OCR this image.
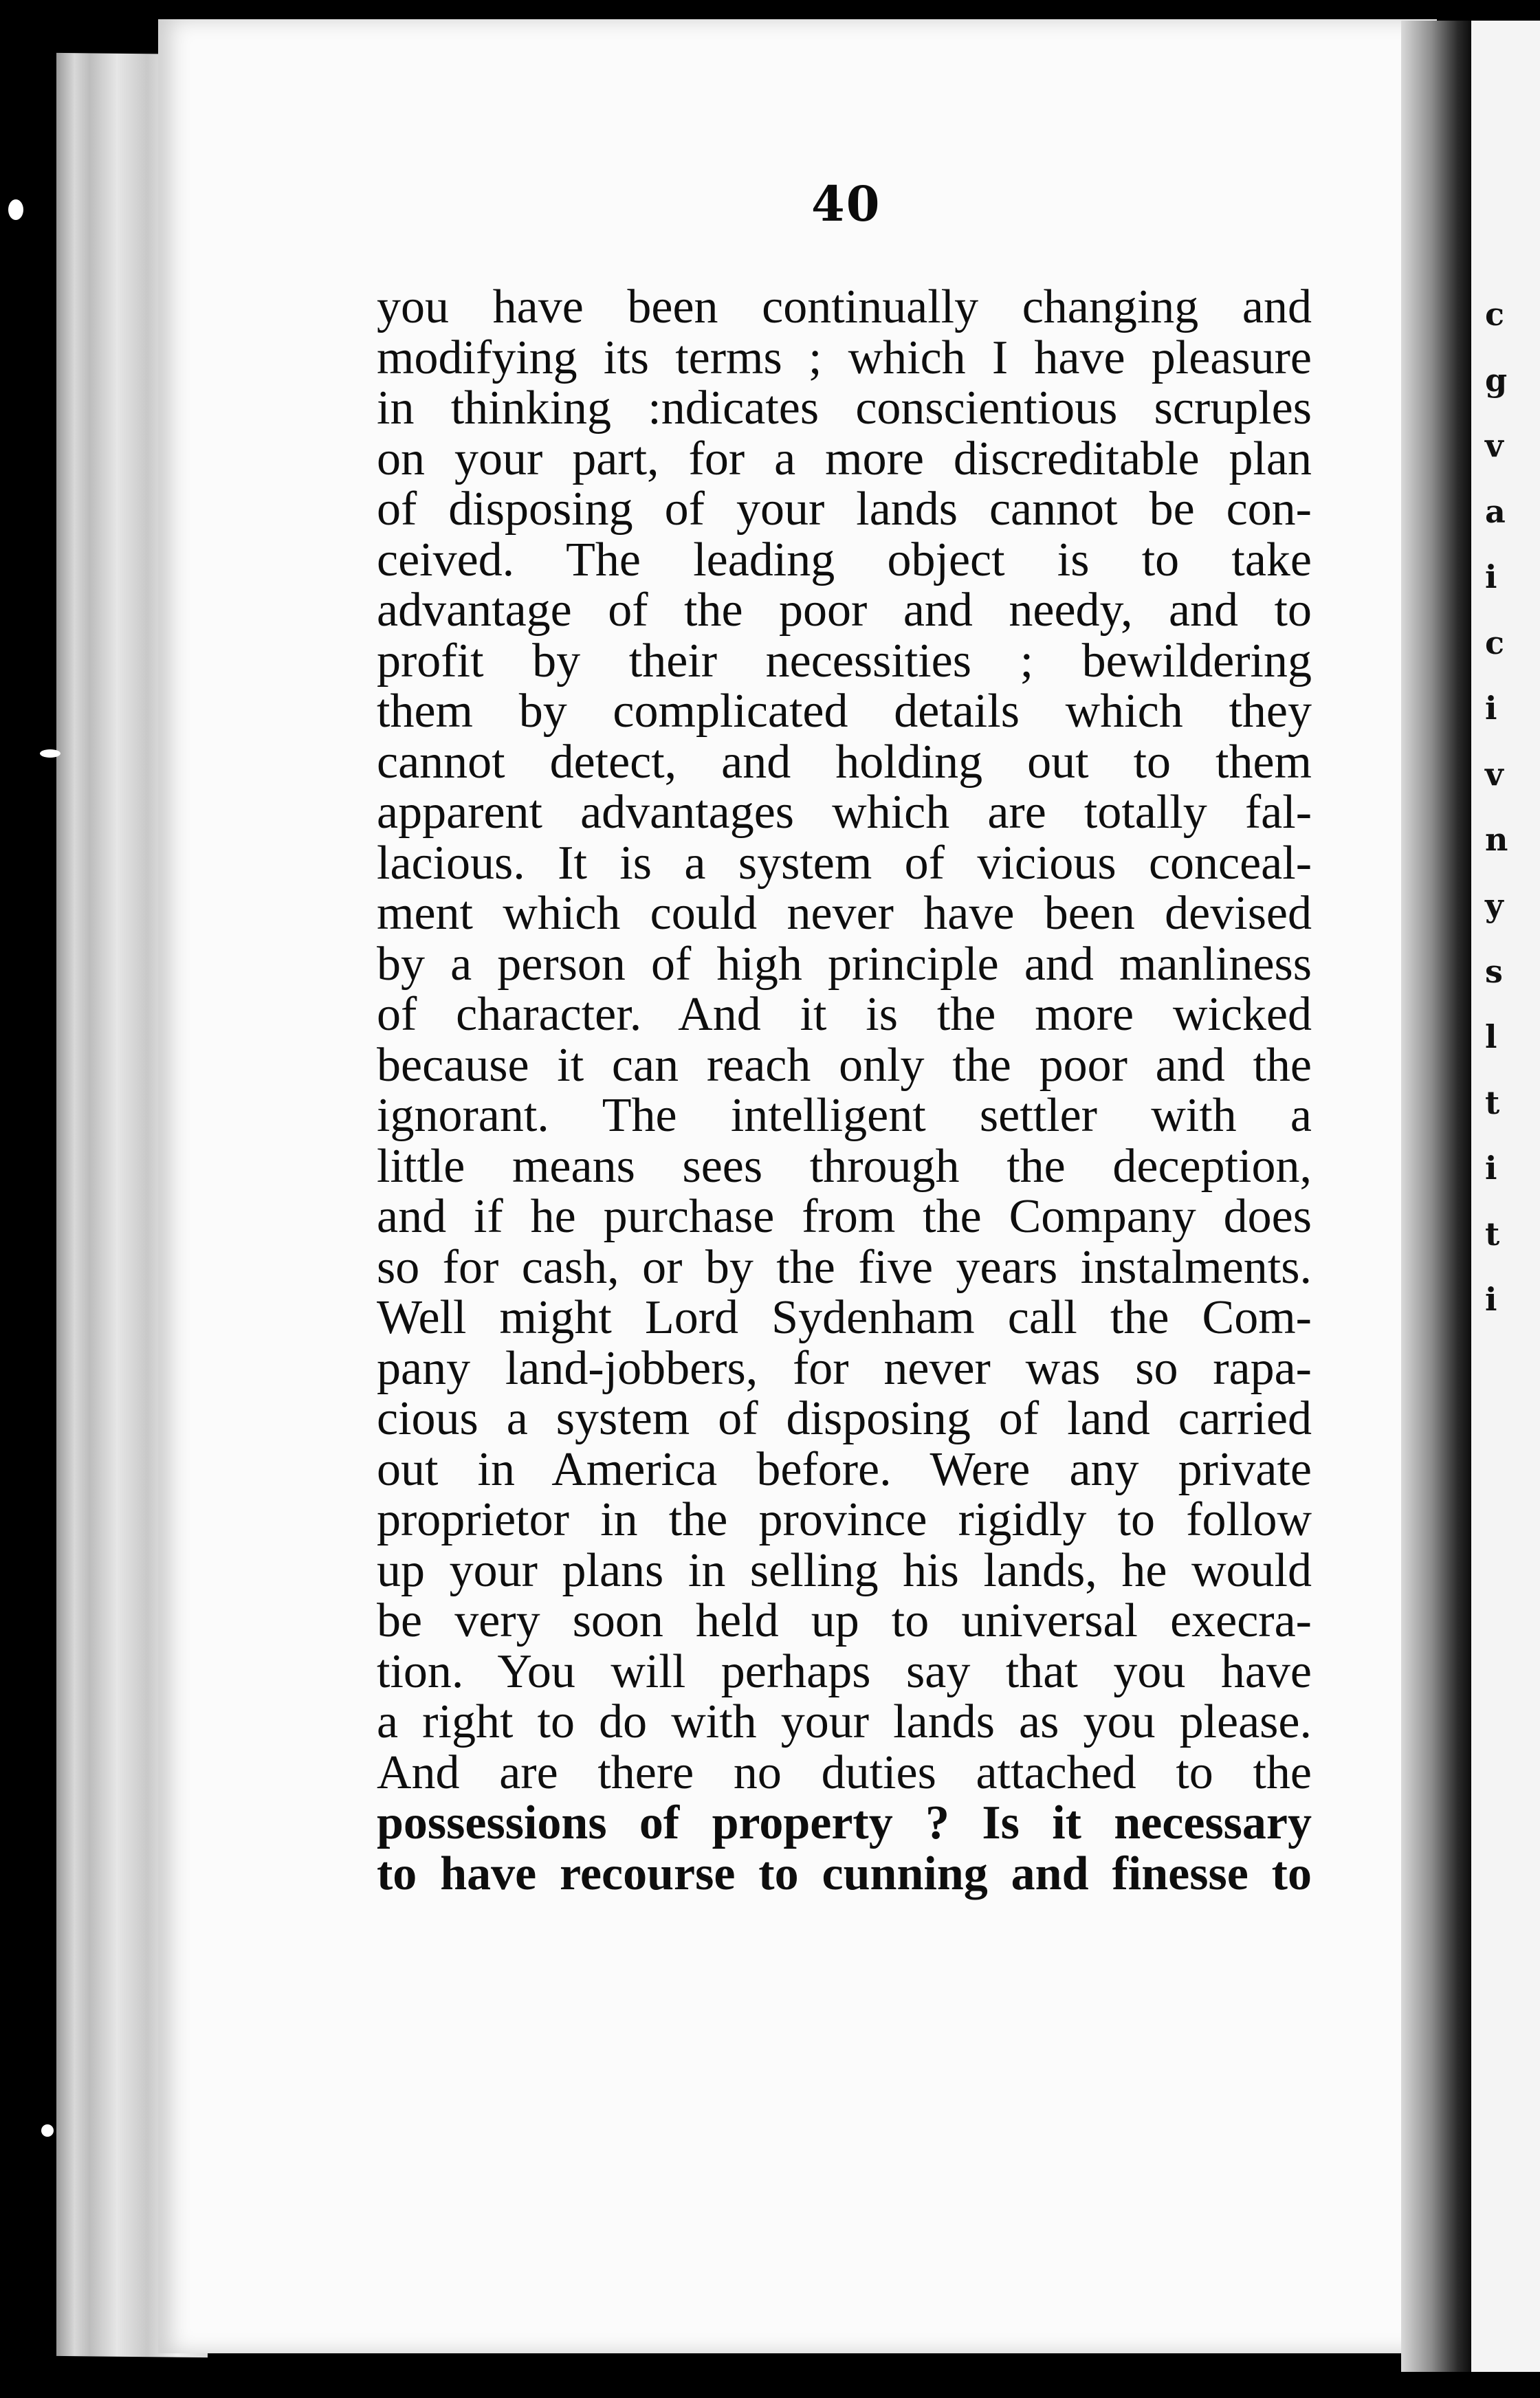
c
g
v
a
i
c
i
v
n
y
s
l
t
i
t
i
40
you have been continually changing and
modifying its terms ; which I have pleasure
in thinking :ndicates conscientious scruples
on your part, for a more discreditable plan
of disposing of your lands cannot be con-
ceived. The leading object is to take
advantage of the poor and needy, and to
profit by their necessities ; bewildering
them by complicated details which they
cannot detect, and holding out to them
apparent advantages which are totally fal-
lacious. It is a system of vicious conceal-
ment which could never have been devised
by a person of high principle and manliness
of character. And it is the more wicked
because it can reach only the poor and the
ignorant. The intelligent settler with a
little means sees through the deception,
and if he purchase from the Company does
so for cash, or by the five years instalments.
Well might Lord Sydenham call the Com-
pany land-jobbers, for never was so rapa-
cious a system of disposing of land carried
out in America before. Were any private
proprietor in the province rigidly to follow
up your plans in selling his lands, he would
be very soon held up to universal execra-
tion. You will perhaps say that you have
a right to do with your lands as you please.
And are there no duties attached to the
possessions of property ? Is it necessary
to have recourse to cunning and finesse to
